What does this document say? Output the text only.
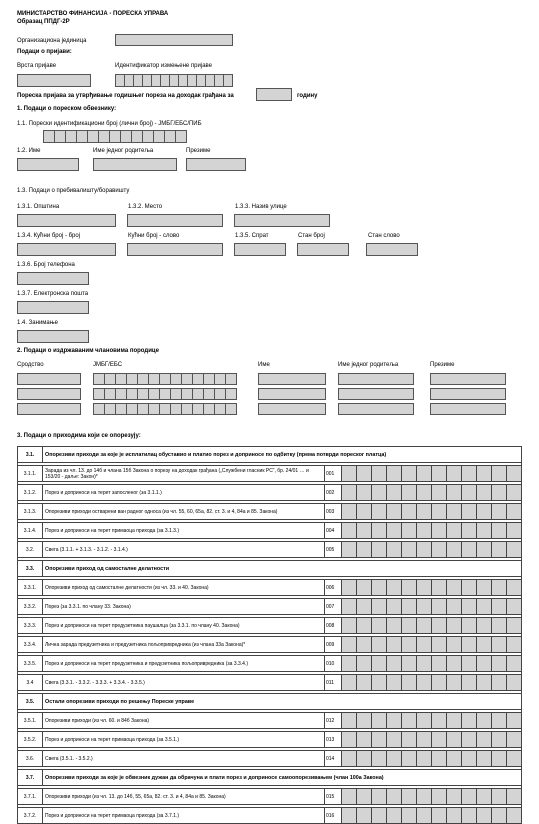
МИНИСТАРСТВО ФИНАНСИЈА - ПОРЕСКА УПРАВА
Образац ППДГ-2Р
Организациона јединица
Подаци о пријави:
Врста пријаве	Идентификатор измењене пријаве
Пореска пријава за утврђивање годишњег пореза на доходак грађана за	годину
1. Подаци о пореском обвезнику:
1.1. Порески идентификациони број (лични број) - ЈМБГ/ЕБС/ПИБ
1.2. Име	Име једног родитеља	Презиме
1.3. Подаци о пребивалишту/боравишту
1.3.1. Општина	1.3.2. Место	1.3.3. Назив улице
1.3.4. Кућни број - број	Кућни број - слово	1.3.5. Спрат	Стан број	Стан слово
1.3.6. Број телефона
1.3.7. Електронска пошта
1.4. Занимање
2. Подаци о издржаваним члановима породице
Сродство	ЈМБГ/ЕБС	Име	Име једног родитеља	Презиме
3. Подаци о приходима који се опорезују:
3.1.	Опорезиви приходи за које је исплатилац обуставио и платио порез и доприносе по одбитку (према потврди пореског платца)													

3.1.1.	Зарада из чл. 13. до 14б и члана 15б Закона о порезу на доходак грађана („Службени гласник РС“, бр. 24/01 … и 153/20 - даље: Закон)*	001												

3.1.2.	Порез и доприноси на терет запосленог (за 3.1.1.)	002												

3.1.3.	Опорезиви приходи остварени ван радног односа (из чл. 55, 60, 65а, 82. ст. 3. и 4, 84а и 85. Закона)	003												

3.1.4.	Порез и доприноси на терет примаоца прихода (за 3.1.3.)	004												

3.2.	Свега (3.1.1. + 3.1.3. - 3.1.2. - 3.1.4.)	005												

3.3.	Опорезиви приход од самосталне делатности													

3.3.1.	Опорезиви приход од самосталне делатности (из чл. 33. и 40. Закона)	006												

3.3.2.	Порез (за 3.3.1. по члану 33. Закона)	007												

3.3.3.	Порез и доприноси на терет предузетника паушалца (за 3.3.1. по члану 40. Закона)	008												

3.3.4.	Лична зарада предузетника и предузетника пољопривредника (из члана 33а Закона)*	009												

3.3.5.	Порез и доприноси на терет предузетника и предузетника пољопривредника (за 3.3.4.)	010												

3.4	Свега (3.3.1. - 3.3.2. - 3.3.3. + 3.3.4. - 3.3.5.)	011												

3.5.	Остали опорезиви приходи по решењу Пореске управе													

3.5.1.	Опорезиви приходи (из чл. 60. и 84б Закона)	012												

3.5.2.	Порез и доприноси на терет примаоца прихода (за 3.5.1.)	013												

3.6.	Свега (3.5.1. - 3.5.2.)	014												

3.7.	Опорезиви приходи за које је обвезник дужан да обрачуна и плати порез и доприносе самоопорезивањем (члан 100а Закона)													

3.7.1.	Опорезиви приходи (из чл. 13. до 14б, 55, 65а, 82. ст. 3. и 4, 84а и 85. Закона)	015												

3.7.2.	Порез и доприноси на терет примаоца прихода (за 3.7.1.)	016												
